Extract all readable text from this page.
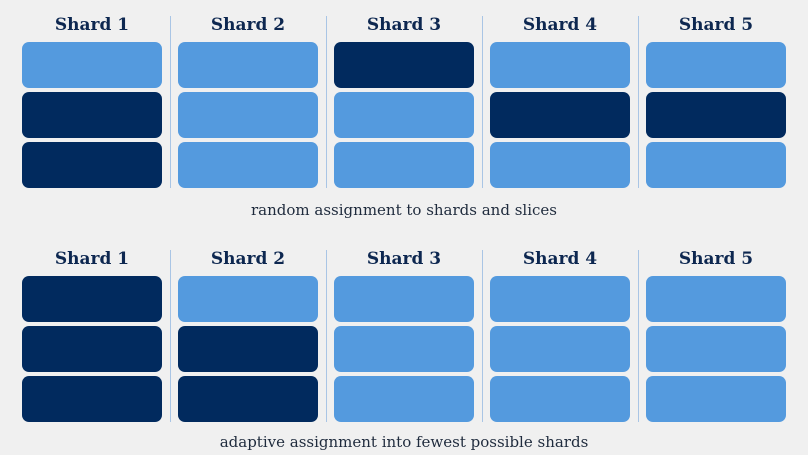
Shard 1	Shard 2	Shard 3	Shard 4	Shard 5
random assignment to shards and slices
Shard 1	Shard 2	Shard 3	Shard 4	Shard 5
adaptive assignment into fewest possible shards
